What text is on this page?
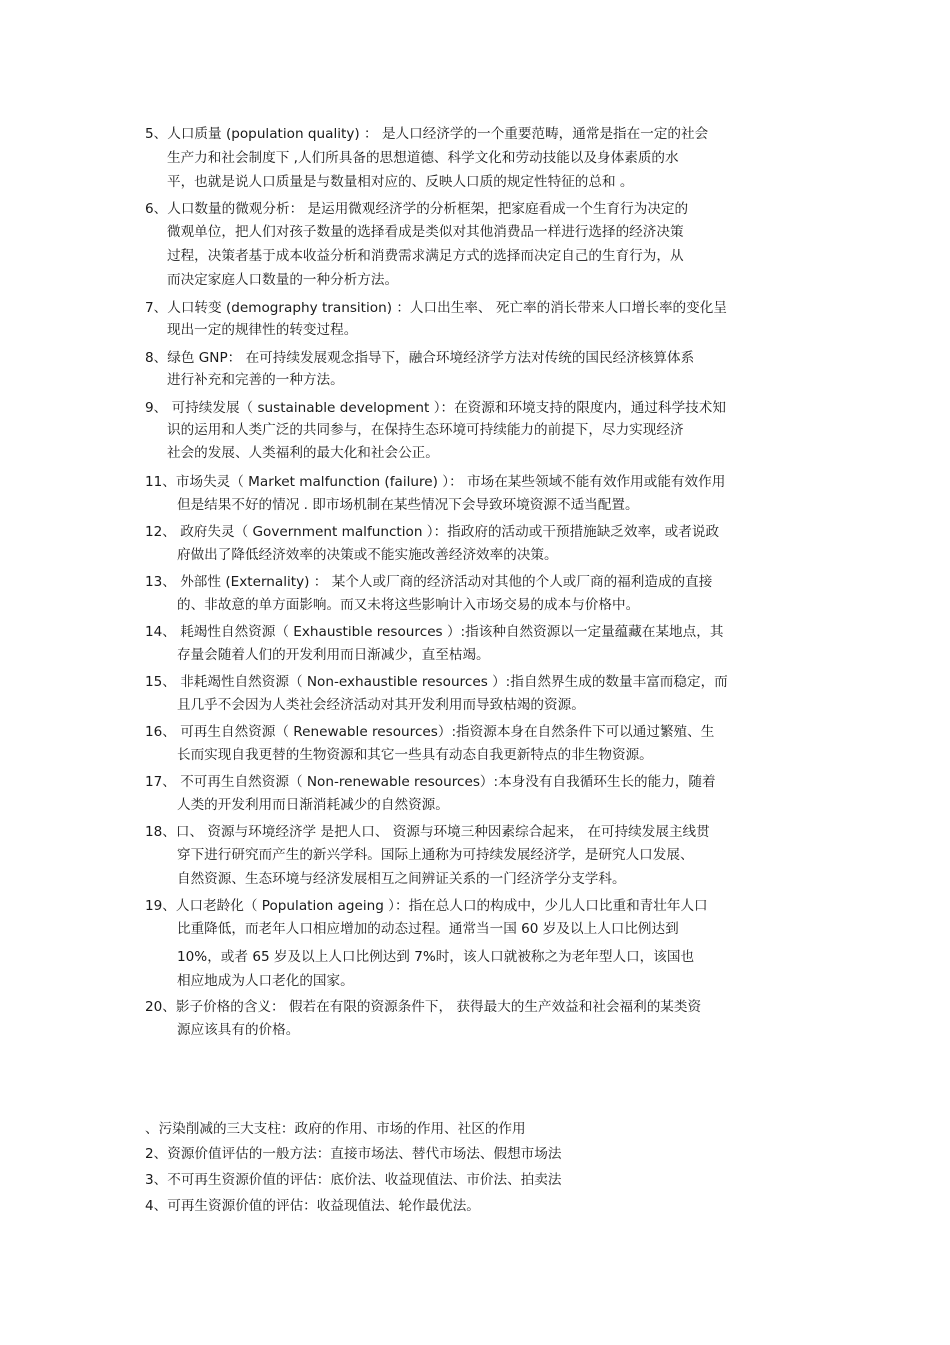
5、人口质量 (population quality) ： 是人口经济学的一个重要范畴，通常是指在一定的社会
生产力和社会制度下 ,人们所具备的思想道德、科学文化和劳动技能以及身体素质的水
平，也就是说人口质量是与数量相对应的、反映人口质的规定性特征的总和 。
6、人口数量的微观分析： 是运用微观经济学的分析框架，把家庭看成一个生育行为决定的
微观单位，把人们对孩子数量的选择看成是类似对其他消费品一样进行选择的经济决策
过程，决策者基于成本收益分析和消费需求满足方式的选择而决定自己的生育行为，从
而决定家庭人口数量的一种分析方法。
7、人口转变 (demography transition) ：人口出生率、 死亡率的消长带来人口增长率的变化呈
现出一定的规律性的转变过程。
8、绿色 GNP： 在可持续发展观念指导下，融合环境经济学方法对传统的国民经济核算体系
进行补充和完善的一种方法。
9、 可持续发展（ sustainable development ）：在资源和环境支持的限度内，通过科学技术知
识的运用和人类广泛的共同参与，在保持生态环境可持续能力的前提下，尽力实现经济
社会的发展、人类福利的最大化和社会公正。
11、市场失灵（ Market malfunction (failure) ）： 市场在某些领域不能有效作用或能有效作用
但是结果不好的情况 . 即市场机制在某些情况下会导致环境资源不适当配置。
12、 政府失灵（ Government malfunction ）：指政府的活动或干预措施缺乏效率，或者说政
府做出了降低经济效率的决策或不能实施改善经济效率的决策。
13、 外部性 (Externality) ： 某个人或厂商的经济活动对其他的个人或厂商的福利造成的直接
的、非故意的单方面影响。而又未将这些影响计入市场交易的成本与价格中。
14、 耗竭性自然资源（ Exhaustible resources ）:指该种自然资源以一定量蕴藏在某地点，其
存量会随着人们的开发利用而日渐减少，直至枯竭。
15、 非耗竭性自然资源（ Non-exhaustible resources ）:指自然界生成的数量丰富而稳定，而
且几乎不会因为人类社会经济活动对其开发利用而导致枯竭的资源。
16、 可再生自然资源（ Renewable resources）:指资源本身在自然条件下可以通过繁殖、生
长而实现自我更替的生物资源和其它一些具有动态自我更新特点的非生物资源。
17、 不可再生自然资源（ Non-renewable resources）:本身没有自我循环生长的能力，随着
人类的开发利用而日渐消耗减少的自然资源。
18、口、 资源与环境经济学 是把人口、 资源与环境三种因素综合起来， 在可持续发展主线贯
穿下进行研究而产生的新兴学科。国际上通称为可持续发展经济学，是研究人口发展、
自然资源、生态环境与经济发展相互之间辨证关系的一门经济学分支学科。
19、人口老龄化（ Population ageing ）：指在总人口的构成中，少儿人口比重和青壮年人口
比重降低，而老年人口相应增加的动态过程。通常当一国 60 岁及以上人口比例达到
10%，或者 65 岁及以上人口比例达到 7%时，该人口就被称之为老年型人口，该国也
相应地成为人口老化的国家。
20、影子价格的含义： 假若在有限的资源条件下， 获得最大的生产效益和社会福利的某类资
源应该具有的价格。
、污染削减的三大支柱：政府的作用、市场的作用、社区的作用
2、资源价值评估的一般方法：直接市场法、替代市场法、假想市场法
3、不可再生资源价值的评估：底价法、收益现值法、市价法、拍卖法
4、可再生资源价值的评估：收益现值法、轮作最优法。
